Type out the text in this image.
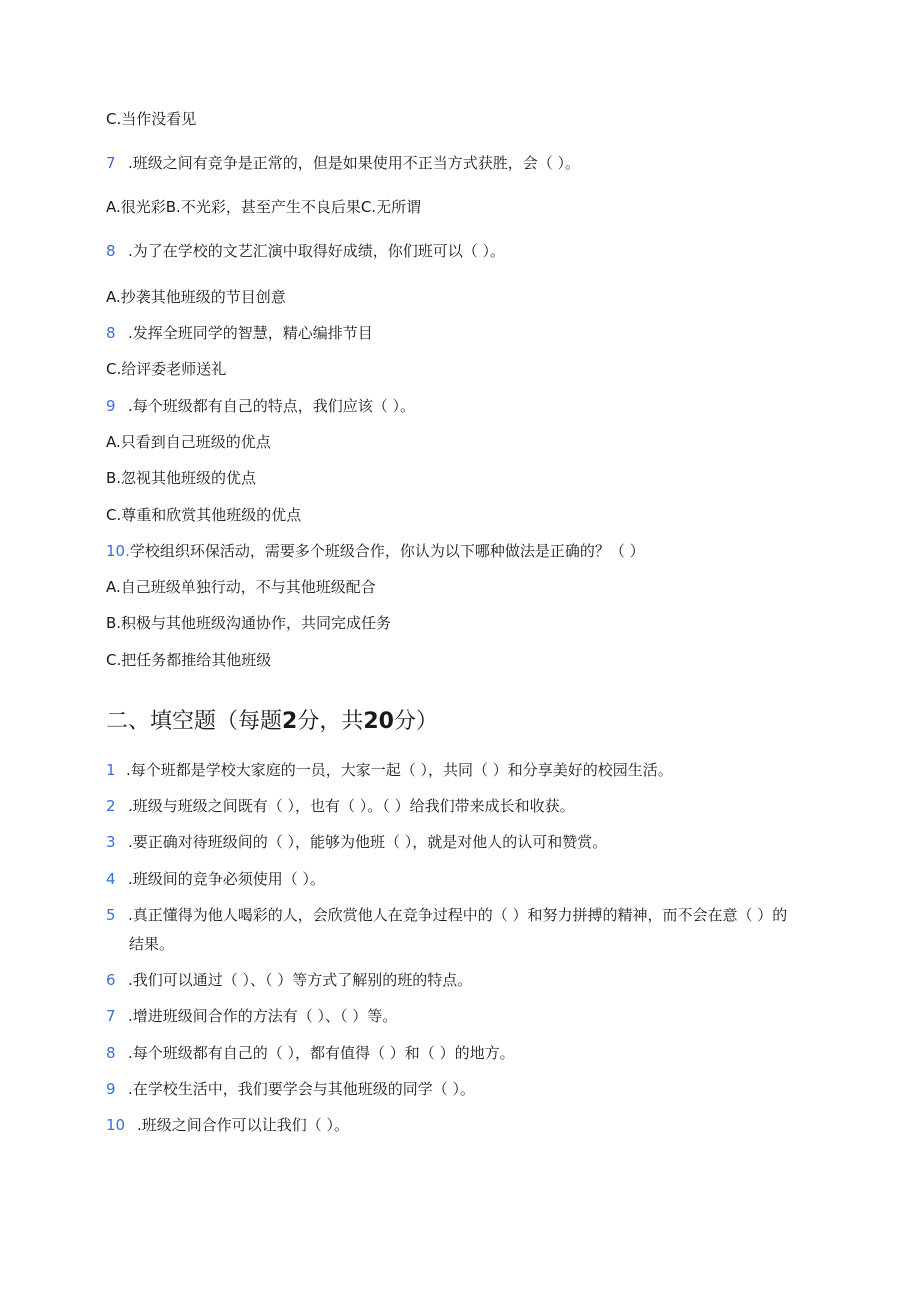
C.当作没看见
7 .班级之间有竞争是正常的，但是如果使用不正当方式获胜，会（ ）。
A.很光彩B.不光彩，甚至产生不良后果C.无所谓
8 .为了在学校的文艺汇演中取得好成绩，你们班可以（ ）。
A.抄袭其他班级的节目创意
8 .发挥全班同学的智慧，精心编排节目
C.给评委老师送礼
9 .每个班级都有自己的特点，我们应该（ ）。
A.只看到自己班级的优点
B.忽视其他班级的优点
C.尊重和欣赏其他班级的优点
10.学校组织环保活动，需要多个班级合作，你认为以下哪种做法是正确的？（ ）
A.自己班级单独行动，不与其他班级配合
B.积极与其他班级沟通协作，共同完成任务
C.把任务都推给其他班级
二、填空题（每题2分，共20分）
1 .每个班都是学校大家庭的一员，大家一起（ ），共同（ ）和分享美好的校园生活。
2 .班级与班级之间既有（ ），也有（ ）。（ ）给我们带来成长和收获。
3 .要正确对待班级间的（ ），能够为他班（ ），就是对他人的认可和赞赏。
4 .班级间的竞争必须使用（ ）。
5 .真正懂得为他人喝彩的人，会欣赏他人在竞争过程中的（ ）和努力拼搏的精神，而不会在意（ ）的
结果。
6 .我们可以通过（ ）、（ ）等方式了解别的班的特点。
7 .增进班级间合作的方法有（ ）、（ ）等。
8 .每个班级都有自己的（ ），都有值得（ ）和（ ）的地方。
9 .在学校生活中，我们要学会与其他班级的同学（ ）。
10 .班级之间合作可以让我们（ ）。
